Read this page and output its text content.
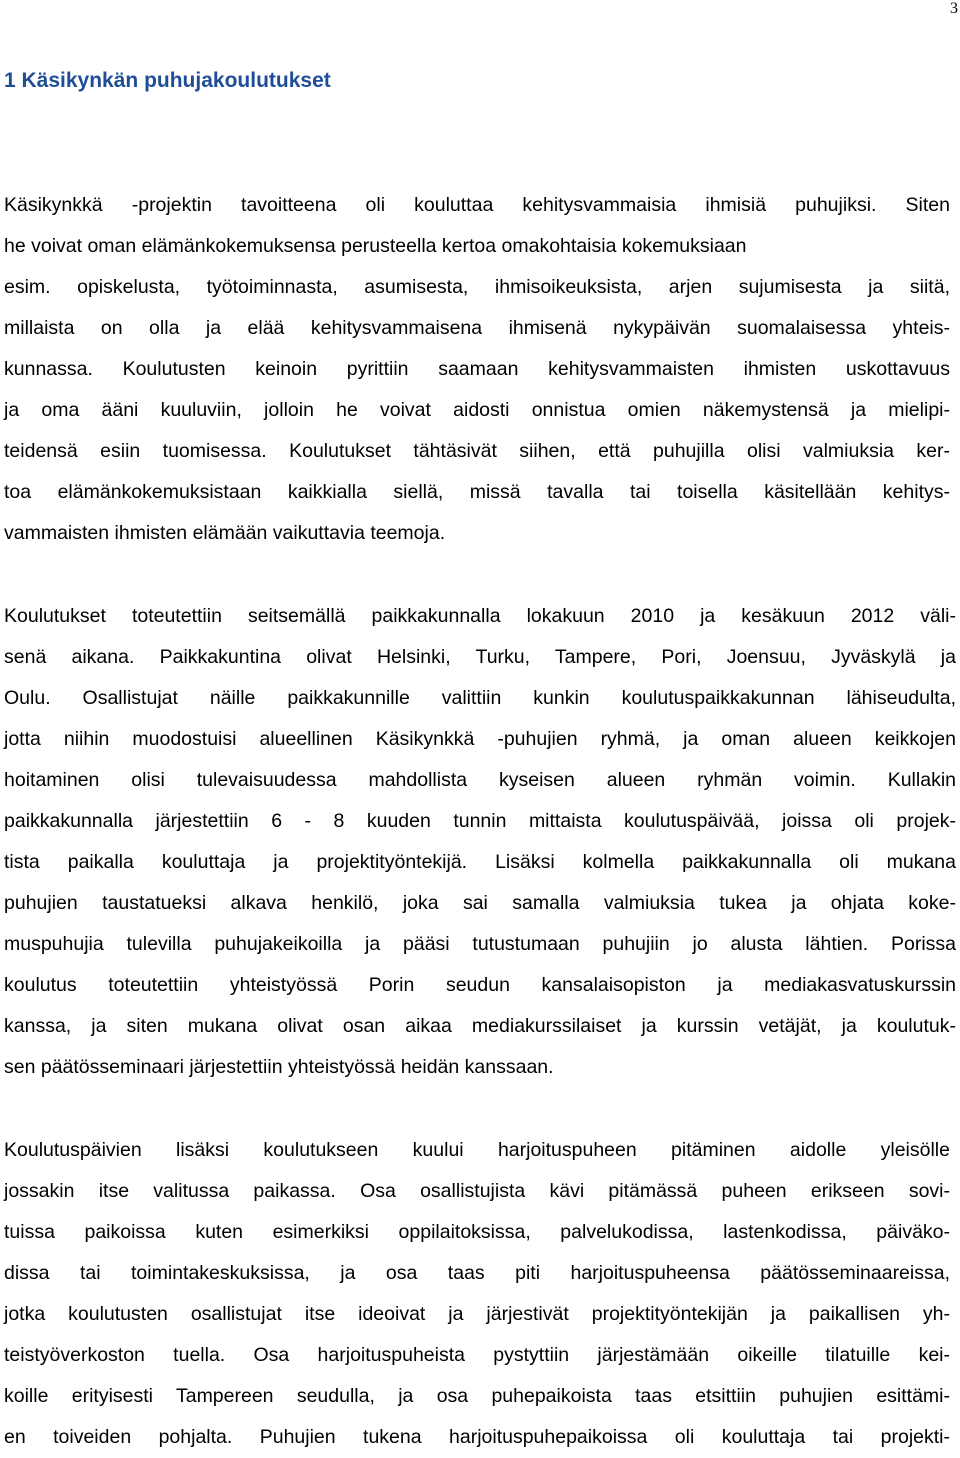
3
1 Käsikynkän puhujakoulutukset
Käsikynkkä -projektin tavoitteena oli kouluttaa kehitysvammaisia ihmisiä puhujiksi. Siten
he voivat oman elämänkokemuksensa perusteella kertoa omakohtaisia kokemuksiaan
esim. opiskelusta, työtoiminnasta, asumisesta, ihmisoikeuksista, arjen sujumisesta ja siitä,
millaista on olla ja elää kehitysvammaisena ihmisenä nykypäivän suomalaisessa yhteis-
kunnassa. Koulutusten keinoin pyrittiin saamaan kehitysvammaisten ihmisten uskottavuus
ja oma ääni kuuluviin, jolloin he voivat aidosti onnistua omien näkemystensä ja mielipi-
teidensä esiin tuomisessa. Koulutukset tähtäsivät siihen, että puhujilla olisi valmiuksia ker-
toa elämänkokemuksistaan kaikkialla siellä, missä tavalla tai toisella käsitellään kehitys-
vammaisten ihmisten elämään vaikuttavia teemoja.
Koulutukset toteutettiin seitsemällä paikkakunnalla lokakuun 2010 ja kesäkuun 2012 väli-
senä aikana. Paikkakuntina olivat Helsinki, Turku, Tampere, Pori, Joensuu, Jyväskylä ja
Oulu. Osallistujat näille paikkakunnille valittiin kunkin koulutuspaikkakunnan lähiseudulta,
jotta niihin muodostuisi alueellinen Käsikynkkä -puhujien ryhmä, ja oman alueen keikkojen
hoitaminen olisi tulevaisuudessa mahdollista kyseisen alueen ryhmän voimin. Kullakin
paikkakunnalla järjestettiin 6 - 8 kuuden tunnin mittaista koulutuspäivää, joissa oli projek-
tista paikalla kouluttaja ja projektityöntekijä. Lisäksi kolmella paikkakunnalla oli mukana
puhujien taustatueksi alkava henkilö, joka sai samalla valmiuksia tukea ja ohjata koke-
muspuhujia tulevilla puhujakeikoilla ja pääsi tutustumaan puhujiin jo alusta lähtien. Porissa
koulutus toteutettiin yhteistyössä Porin seudun kansalaisopiston ja mediakasvatuskurssin
kanssa, ja siten mukana olivat osan aikaa mediakurssilaiset ja kurssin vetäjät, ja koulutuk-
sen päätösseminaari järjestettiin yhteistyössä heidän kanssaan.
Koulutuspäivien lisäksi koulutukseen kuului harjoituspuheen pitäminen aidolle yleisölle
jossakin itse valitussa paikassa. Osa osallistujista kävi pitämässä puheen erikseen sovi-
tuissa paikoissa kuten esimerkiksi oppilaitoksissa, palvelukodissa, lastenkodissa, päiväko-
dissa tai toimintakeskuksissa, ja osa taas piti harjoituspuheensa päätösseminaareissa,
jotka koulutusten osallistujat itse ideoivat ja järjestivät projektityöntekijän ja paikallisen yh-
teistyöverkoston tuella. Osa harjoituspuheista pystyttiin järjestämään oikeille tilatuille kei-
koille erityisesti Tampereen seudulla, ja osa puhepaikoista taas etsittiin puhujien esittämi-
en toiveiden pohjalta. Puhujien tukena harjoituspuhepaikoissa oli kouluttaja tai projekti-
